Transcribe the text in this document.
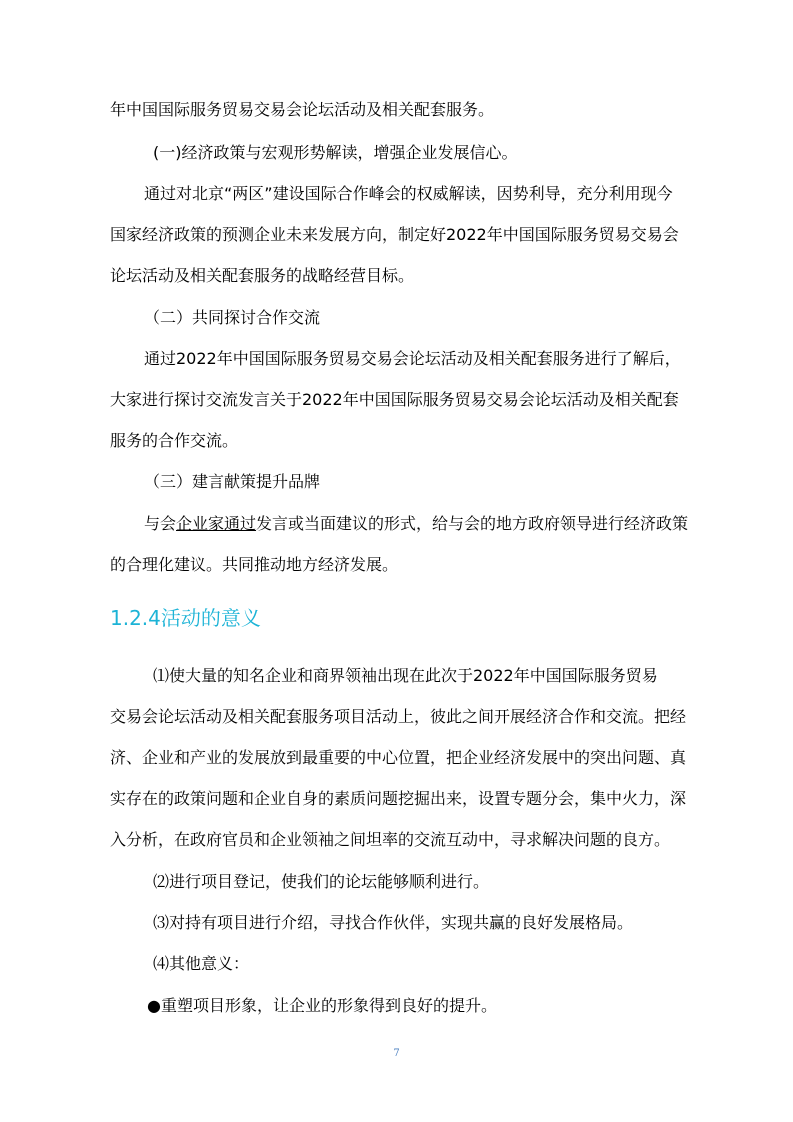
年中国国际服务贸易交易会论坛活动及相关配套服务。
(一)经济政策与宏观形势解读，增强企业发展信心。
通过对北京“两区”建设国际合作峰会的权威解读，因势利导，充分利用现今
国家经济政策的预测企业未来发展方向，制定好2022年中国国际服务贸易交易会
论坛活动及相关配套服务的战略经营目标。
（二）共同探讨合作交流
通过2022年中国国际服务贸易交易会论坛活动及相关配套服务进行了解后，
大家进行探讨交流发言关于2022年中国国际服务贸易交易会论坛活动及相关配套
服务的合作交流。
（三）建言献策提升品牌
与会企业家通过发言或当面建议的形式，给与会的地方政府领导进行经济政策
的合理化建议。共同推动地方经济发展。
1.2.4活动的意义
⑴使大量的知名企业和商界领袖出现在此次于2022年中国国际服务贸易
交易会论坛活动及相关配套服务项目活动上，彼此之间开展经济合作和交流。把经
济、企业和产业的发展放到最重要的中心位置，把企业经济发展中的突出问题、真
实存在的政策问题和企业自身的素质问题挖掘出来，设置专题分会，集中火力，深
入分析，在政府官员和企业领袖之间坦率的交流互动中，寻求解决问题的良方。
⑵进行项目登记，使我们的论坛能够顺利进行。
⑶对持有项目进行介绍，寻找合作伙伴，实现共赢的良好发展格局。
⑷其他意义：
●重塑项目形象，让企业的形象得到良好的提升。
7
